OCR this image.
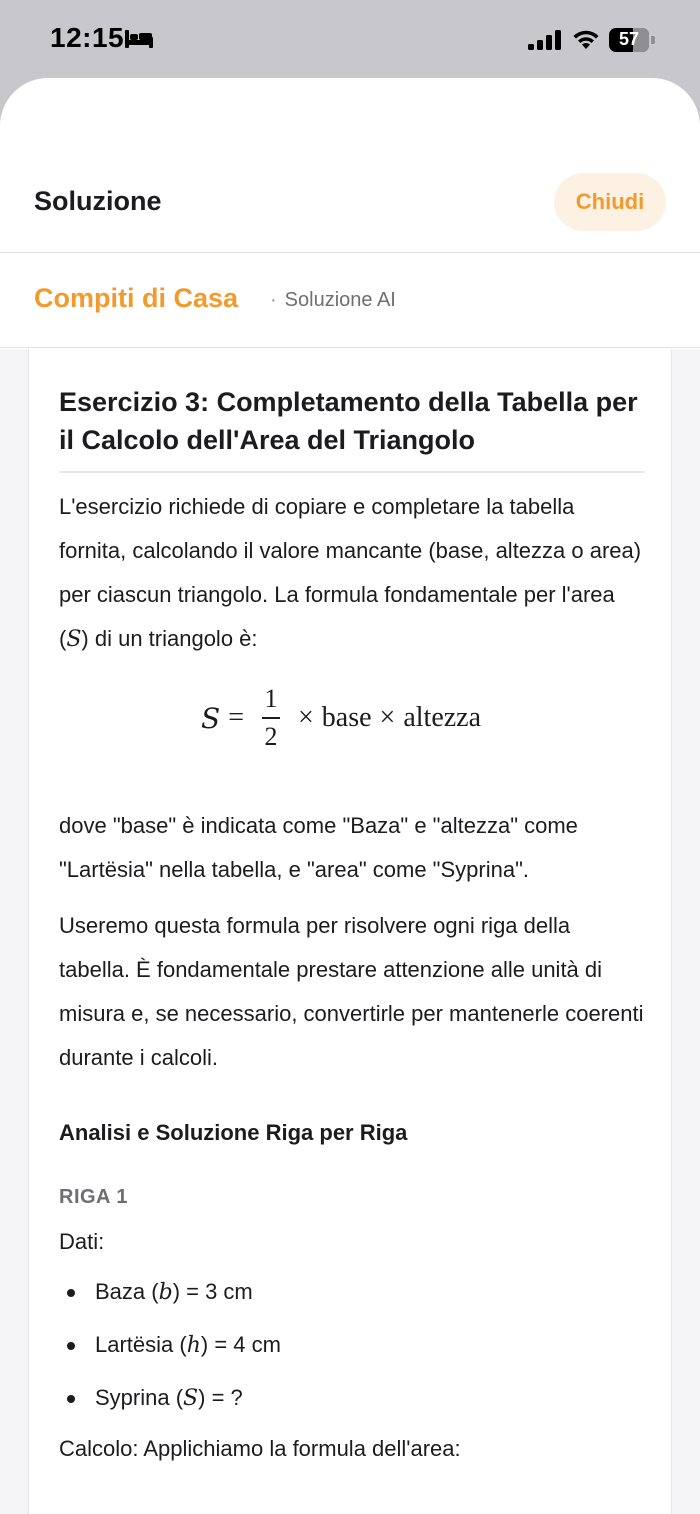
12:15	57
Soluzione	Chiudi
Compiti di Casa · Soluzione AI
Esercizio 3: Completamento della Tabella per il Calcolo dell'Area del Triangolo

L'esercizio richiede di copiare e completare la tabella fornita, calcolando il valore mancante (base, altezza o area) per ciascun triangolo. La formula fondamentale per l'area (S) di un triangolo è:

$S = \frac{1}{2}$ × base × altezza

dove "base" è indicata come "Baza" e "altezza" come "Lartësia" nella tabella, e "area" come "Syprina".

Useremo questa formula per risolvere ogni riga della tabella. È fondamentale prestare attenzione alle unità di misura e, se necessario, convertirle per mantenerle coerenti durante i calcoli.

Analisi e Soluzione Riga per Riga
RIGA 1
Dati:
Baza (b) = 3 cm
Lartësia (h) = 4 cm
Syprina (S) = ?
Calcolo: Applichiamo la formula dell'area:
